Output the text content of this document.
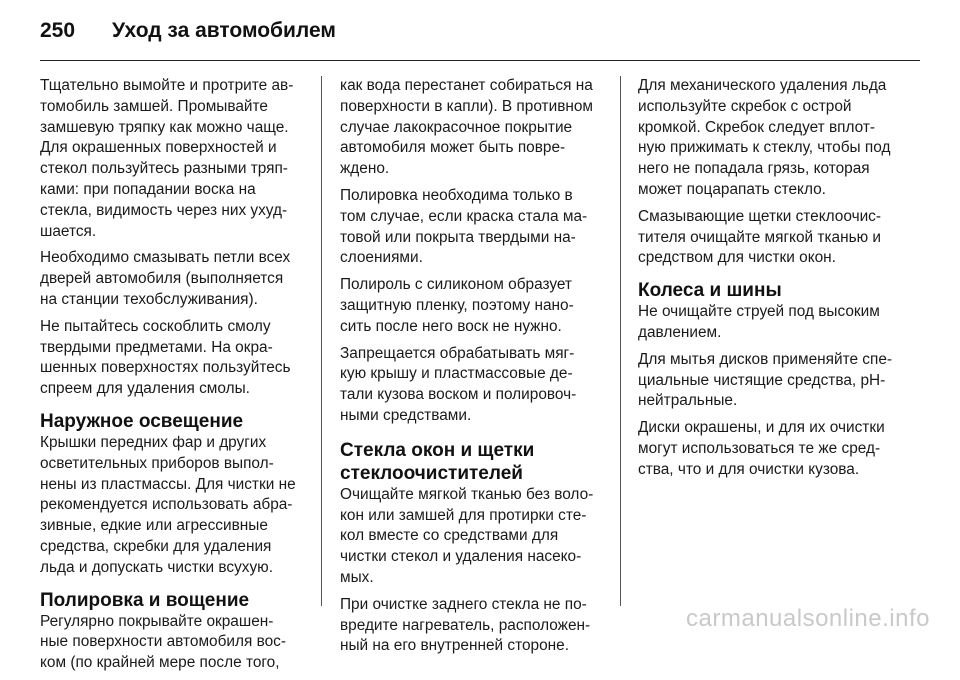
250	Уход за автомобилем

Тщательно вымойте и протрите ав-
томобиль замшей. Промывайте
замшевую тряпку как можно чаще.
Для окрашенных поверхностей и
стекол пользуйтесь разными тряп-
ками: при попадании воска на
стекла, видимость через них ухуд-
шается.

Необходимо смазывать петли всех
дверей автомобиля (выполняется
на станции техобслуживания).

Не пытайтесь соскоблить смолу
твердыми предметами. На окра-
шенных поверхностях пользуйтесь
спреем для удаления смолы.

Наружное освещение

Крышки передних фар и других
осветительных приборов выпол-
нены из пластмассы. Для чистки не
рекомендуется использовать абра-
зивные, едкие или агрессивные
средства, скребки для удаления
льда и допускать чистки всухую.

Полировка и вощение

Регулярно покрывайте окрашен-
ные поверхности автомобиля вос-
ком (по крайней мере после того,

как вода перестанет собираться на
поверхности в капли). В противном
случае лакокрасочное покрытие
автомобиля может быть повре-
ждено.

Полировка необходима только в
том случае, если краска стала ма-
товой или покрыта твердыми на-
слоениями.

Полироль с силиконом образует
защитную пленку, поэтому нано-
сить после него воск не нужно.

Запрещается обрабатывать мяг-
кую крышу и пластмассовые де-
тали кузова воском и полировоч-
ными средствами.

Стекла окон и щетки
стеклоочистителей

Очищайте мягкой тканью без воло-
кон или замшей для протирки сте-
кол вместе со средствами для
чистки стекол и удаления насеко-
мых.

При очистке заднего стекла не по-
вредите нагреватель, расположен-
ный на его внутренней стороне.

Для механического удаления льда
используйте скребок с острой
кромкой. Скребок следует вплот-
ную прижимать к стеклу, чтобы под
него не попадала грязь, которая
может поцарапать стекло.

Смазывающие щетки стеклоочис-
тителя очищайте мягкой тканью и
средством для чистки окон.

Колеса и шины

Не очищайте струей под высоким
давлением.

Для мытья дисков применяйте спе-
циальные чистящие средства, pH-
нейтральные.

Диски окрашены, и для их очистки
могут использоваться те же сред-
ства, что и для очистки кузова.

carmanualsonline.info
